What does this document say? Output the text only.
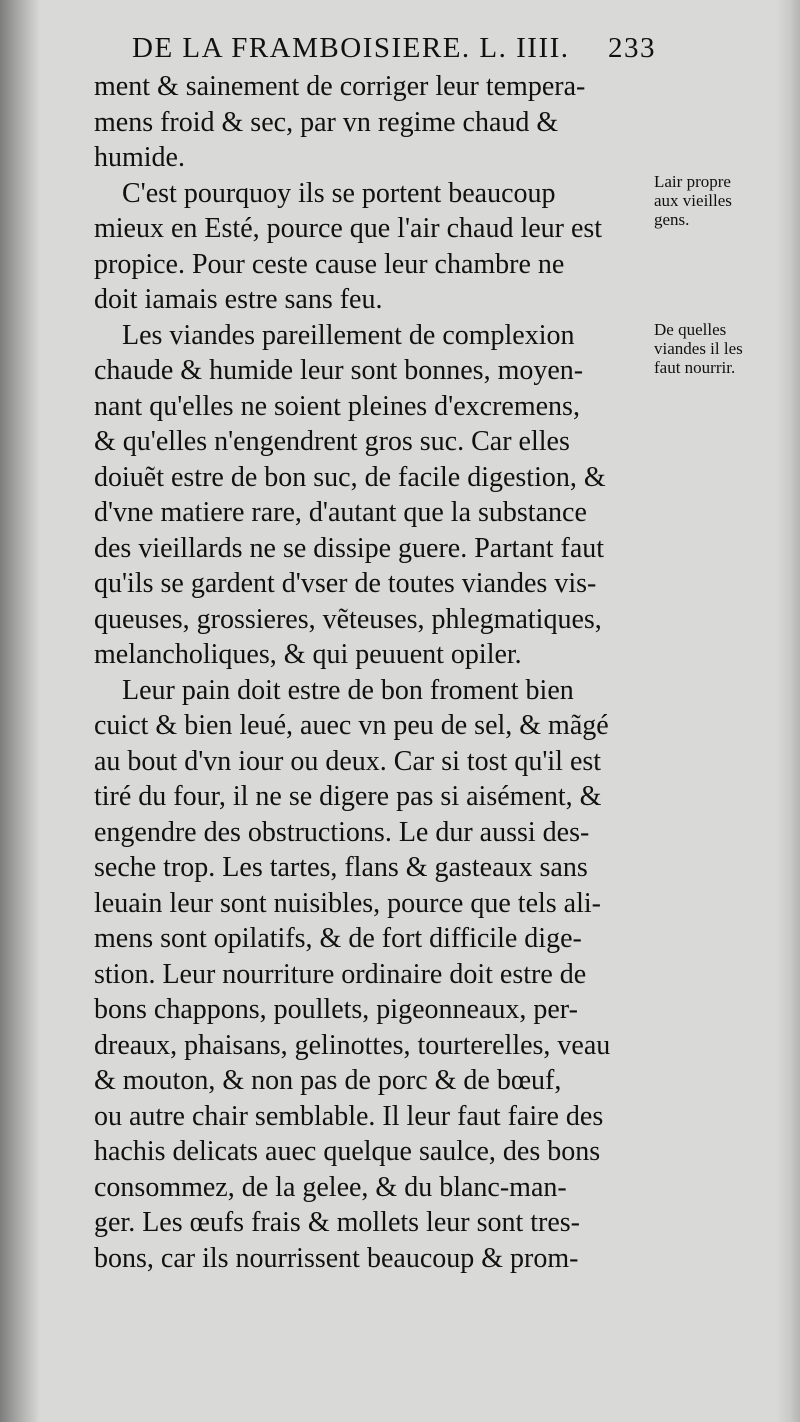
DE LA FRAMBOISIERE. L. IIII. 233
ment & sainement de corriger leur tempera-
mens froid & sec, par vn regime chaud &
humide.
C'est pourquoy ils se portent beaucoup
mieux en Esté, pource que l'air chaud leur est
propice. Pour ceste cause leur chambre ne
doit iamais estre sans feu.
Les viandes pareillement de complexion
chaude & humide leur sont bonnes, moyen-
nant qu'elles ne soient pleines d'excremens,
& qu'elles n'engendrent gros suc. Car elles
doiuẽt estre de bon suc, de facile digestion, &
d'vne matiere rare, d'autant que la substance
des vieillards ne se dissipe guere. Partant faut
qu'ils se gardent d'vser de toutes viandes vis-
queuses, grossieres, vẽteuses, phlegmatiques,
melancholiques, & qui peuuent opiler.
Leur pain doit estre de bon froment bien
cuict & bien leué, auec vn peu de sel, & mãgé
au bout d'vn iour ou deux. Car si tost qu'il est
tiré du four, il ne se digere pas si aisément, &
engendre des obstructions. Le dur aussi des-
seche trop. Les tartes, flans & gasteaux sans
leuain leur sont nuisibles, pource que tels ali-
mens sont opilatifs, & de fort difficile dige-
stion. Leur nourriture ordinaire doit estre de
bons chappons, poullets, pigeonneaux, per-
dreaux, phaisans, gelinottes, tourterelles, veau
& mouton, & non pas de porc & de bœuf,
ou autre chair semblable. Il leur faut faire des
hachis delicats auec quelque saulce, des bons
consommez, de la gelee, & du blanc-man-
ger. Les œufs frais & mollets leur sont tres-
bons, car ils nourrissent beaucoup & prom-
Lair propre
aux vieilles
gens.
De quelles
viandes il les
faut nourrir.
